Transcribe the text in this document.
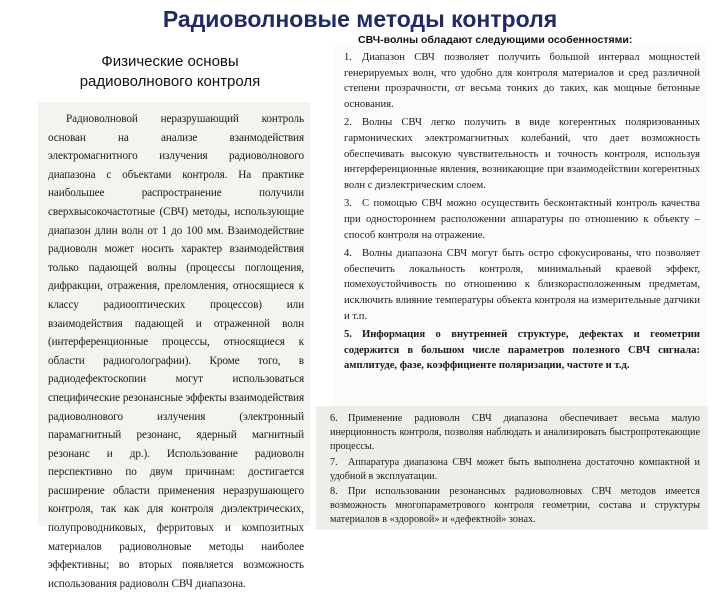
Радиоволновые методы контроля
Физические основы
радиоволнового контроля
СВЧ-волны обладают следующими особенностями:

Радиоволновой неразрушающий контроль основан на анализе взаимодействия электромагнитного излучения радиоволнового диапазона с объектами контроля. На практике наибольшее распространение получили сверхвысокочастотные (СВЧ) методы, использующие диапазон длин волн от 1 до 100 мм. Взаимодействие радиоволн может носить характер взаимодействия только падающей волны (процессы поглощения, дифракции, отражения, преломления, относящиеся к классу радиооптических процессов) или взаимодействия падающей и отраженной волн (интерференционные процессы, относящиеся к области радиоголографии). Кроме того, в радиодефектоскопии могут использоваться специфические резонансные эффекты взаимодействия радиоволнового излучения (электронный парамагнитный резонанс, ядерный магнитный резонанс и др.). Использование радиоволн перспективно по двум причинам: достигается расширение области применения неразрушающего контроля, так как для контроля диэлектрических, полупроводниковых, ферритовых и композитных материалов радиоволновые методы наиболее эффективны; во вторых появляется возможность использования радиоволн СВЧ диапазона.

1. Диапазон СВЧ позволяет получить большой интервал мощностей генерируемых волн, что удобно для контроля материалов и сред различной степени прозрачности, от весьма тонких до таких, как мощные бетонные основания.
2. Волны СВЧ легко получить в виде когерентных поляризованных гармонических электромагнитных колебаний, что дает возможность обеспечивать высокую чувствительность и точность контроля, используя интерференционные явления, возникающие при взаимодействии когерентных волн с диэлектрическим слоем.
3. С помощью СВЧ можно осуществить бесконтактный контроль качества при одностороннем расположении аппаратуры по отношению к объекту – способ контроля на отражение.
4. Волны диапазона СВЧ могут быть остро сфокусированы, что позволяет обеспечить локальность контроля, минимальный краевой эффект, помехоустойчивость по отношению к близкорасположенным предметам, исключить влияние температуры объекта контроля на измерительные датчики и т.п.
5. Информация о внутренней структуре, дефектах и геометрии содержится в большом числе параметров полезного СВЧ сигнала: амплитуде, фазе, коэффициенте поляризации, частоте и т.д.
6. Применение радиоволн СВЧ диапазона обеспечивает весьма малую инерционность контроля, позволяя наблюдать и анализировать быстропротекающие процессы.
7. Аппаратура диапазона СВЧ может быть выполнена достаточно компактной и удобной в эксплуатации.
8. При использовании резонансных радиоволновых СВЧ методов имеется возможность многопараметрового контроля геометрии, состава и структуры материалов в «здоровой» и «дефектной» зонах.
